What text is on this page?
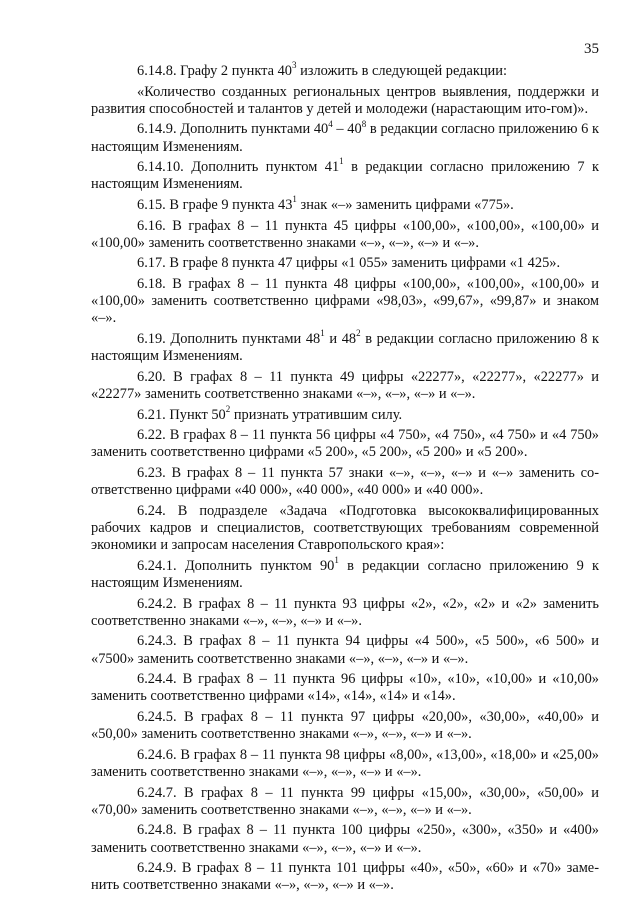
35

6.14.8. Графу 2 пункта $40^3$ изложить в следующей редакции:

«Количество созданных региональных центров выявления, поддержки и развития способностей и талантов у детей и молодежи (нарастающим ито-гом)».

6.14.9. Дополнить пунктами $40^4 - 40^8$ в редакции согласно приложению 6 к настоящим Изменениям.

6.14.10. Дополнить пунктом $41^1$ в редакции согласно приложению 7 к настоящим Изменениям.

6.15. В графе 9 пункта $43^1$ знак «–» заменить цифрами «775».

6.16. В графах 8 – 11 пункта 45 цифры «100,00», «100,00», «100,00» и «100,00» заменить соответственно знаками «–», «–», «–» и «–».

6.17. В графе 8 пункта 47 цифры «1 055» заменить цифрами «1 425».

6.18. В графах 8 – 11 пункта 48 цифры «100,00», «100,00», «100,00» и «100,00» заменить соответственно цифрами «98,03», «99,67», «99,87» и знаком «–».

6.19. Дополнить пунктами $48^1$ и $48^2$ в редакции согласно приложению 8 к настоящим Изменениям.

6.20. В графах 8 – 11 пункта 49 цифры «22277», «22277», «22277» и «22277» заменить соответственно знаками «–», «–», «–» и «–».

6.21. Пункт $50^2$ признать утратившим силу.

6.22. В графах 8 – 11 пункта 56 цифры «4 750», «4 750», «4 750» и «4 750» заменить соответственно цифрами «5 200», «5 200», «5 200» и «5 200».

6.23. В графах 8 – 11 пункта 57 знаки «–», «–», «–» и «–» заменить со-ответственно цифрами «40 000», «40 000», «40 000» и «40 000».

6.24. В подразделе «Задача «Подготовка высококвалифицированных рабочих кадров и специалистов, соответствующих требованиям современной экономики и запросам населения Ставропольского края»:

6.24.1. Дополнить пунктом $90^1$ в редакции согласно приложению 9 к настоящим Изменениям.

6.24.2. В графах 8 – 11 пункта 93 цифры «2», «2», «2» и «2» заменить соответственно знаками «–», «–», «–» и «–».

6.24.3. В графах 8 – 11 пункта 94 цифры «4 500», «5 500», «6 500» и «7500» заменить соответственно знаками «–», «–», «–» и «–».

6.24.4. В графах 8 – 11 пункта 96 цифры «10», «10», «10,00» и «10,00» заменить соответственно цифрами «14», «14», «14» и «14».

6.24.5. В графах 8 – 11 пункта 97 цифры «20,00», «30,00», «40,00» и «50,00» заменить соответственно знаками «–», «–», «–» и «–».

6.24.6. В графах 8 – 11 пункта 98 цифры «8,00», «13,00», «18,00» и «25,00» заменить соответственно знаками «–», «–», «–» и «–».

6.24.7. В графах 8 – 11 пункта 99 цифры «15,00», «30,00», «50,00» и «70,00» заменить соответственно знаками «–», «–», «–» и «–».

6.24.8. В графах 8 – 11 пункта 100 цифры «250», «300», «350» и «400» заменить соответственно знаками «–», «–», «–» и «–».

6.24.9. В графах 8 – 11 пункта 101 цифры «40», «50», «60» и «70» заме-нить соответственно знаками «–», «–», «–» и «–».
